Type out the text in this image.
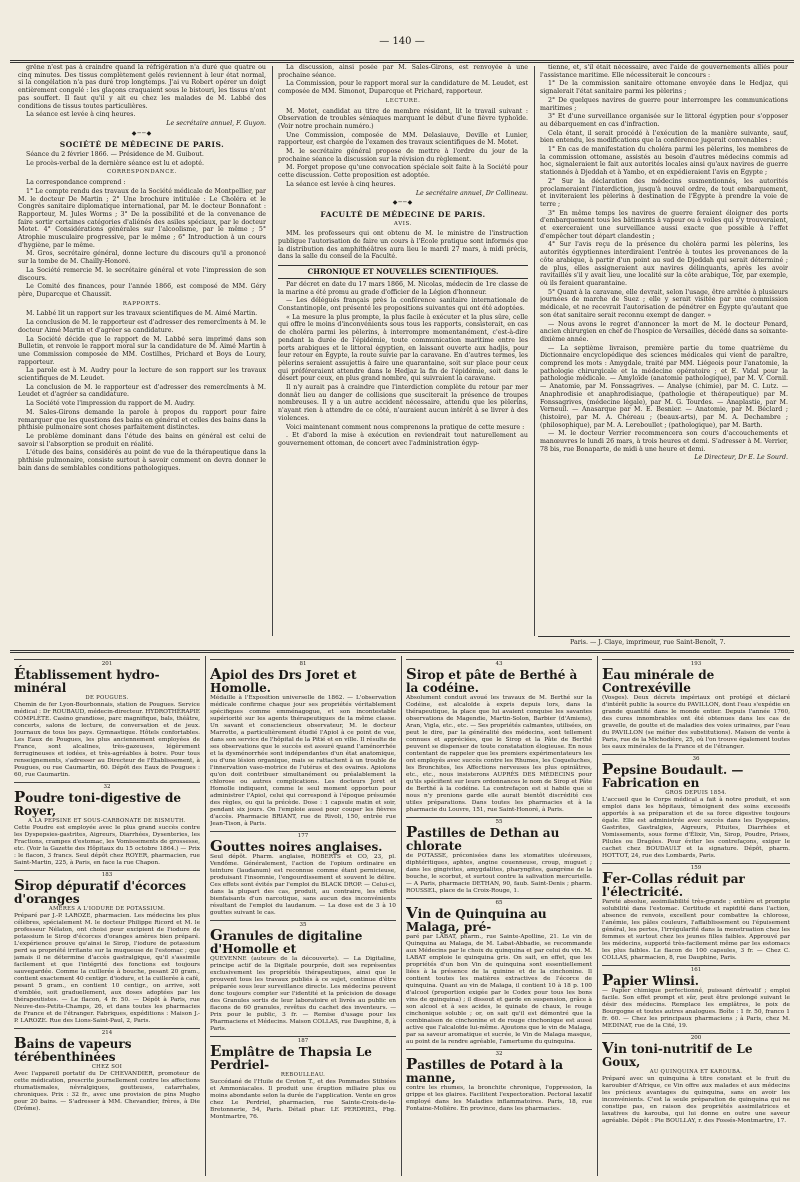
— 140 —

grêne n'est pas à craindre quand la réfrigération n'a duré que quatre ou cinq minutes. Des tissus complètement gelés reviennent à leur état normal, si la congélation n'a pas duré trop longtemps. J'ai vu Robert opérer un doigt entièrement congelé : les glaçons craquaient sous le bistouri, les tissus n'ont pas souffert. Il faut qu'il y ait eu chez les malades de M. Labbé des conditions de tissus toutes particulières.

La séance est levée à cinq heures.

Le secrétaire annuel, F. Guyon.
◆──◆
SOCIÉTÉ DE MÉDECINE DE PARIS.

Séance du 2 février 1866. — Présidence de M. Guibout.

Le procès-verbal de la dernière séance est lu et adopté.

CORRESPONDANCE.

La correspondance comprend :

1° Le compte rendu des travaux de la Société médicale de Montpellier, par M. le docteur De Martin ; 2° Une brochure intitulée : Le Choléra et le Congrès sanitaire diplomatique international, par M. le docteur Bonnafont : Rapporteur, M. Jules Worms ; 3° De la possibilité et de la convenance de faire sortir certaines catégories d'aliénés des asiles spéciaux, par le docteur Motet. 4° Considérations générales sur l'alcoolisme, par le même ; 5° Atrophie musculaire progressive, par le même ; 6° Introduction à un cours d'hygiène, par le même.

M. Gros, secrétaire général, donne lecture du discours qu'il a prononcé sur la tombe de M. Chailly-Honoré.

La Société remercie M. le secrétaire général et vote l'impression de son discours.

Le Comité des finances, pour l'année 1866, est composé de MM. Géry père, Duparcque et Chaussit.

RAPPORTS.

M. Labbé lit un rapport sur les travaux scientifiques de M. Aimé Martin.

La conclusion de M. le rapporteur est d'adresser des remercîments à M. le docteur Aimé Martin et d'agréer sa candidature.

La Société décide que le rapport de M. Labbé sera imprimé dans son Bulletin, et renvoie le rapport moral sur la candidature de M. Aimé Martin à une Commission composée de MM. Costilhes, Prichard et Boys de Loury, rapporteur.

La parole est à M. Audry pour la lecture de son rapport sur les travaux scientifiques de M. Leudet.

La conclusion de M. le rapporteur est d'adresser des remercîments à M. Leudet et d'agréer sa candidature.

La Société vote l'impression du rapport de M. Audry.

M. Sales-Girons demande la parole à propos du rapport pour faire remarquer que les questions des bains en général et celles des bains dans la phthisie pulmonaire sont choses parfaitement distinctes.

Le problème dominant dans l'étude des bains en général est celui de savoir si l'absorption se produit en réalité.

L'étude des bains, considérés au point de vue de la thérapeutique dans la phthisie pulmonaire, consiste surtout à savoir comment on devra donner le bain dans de semblables conditions pathologiques.

La discussion, ainsi posée par M. Sales-Girons, est renvoyée à une prochaine séance.

La Commission, pour le rapport moral sur la candidature de M. Leudet, est composée de MM. Simonot, Duparcque et Prichard, rapporteur.

LECTURE.

M. Motet, candidat au titre de membre résidant, lit le travail suivant : Observation de troubles séniaques marquant le début d'une fièvre typhoïde. (Voir notre prochain numéro.)

Une Commission, composée de MM. Delasiauve, Deville et Lunier, rapporteur, est chargée de l'examen des travaux scientifiques de M. Motet.

M. le secrétaire général propose de mettre à l'ordre du jour de la prochaine séance la discussion sur la révision du règlement.

M. Forget propose qu'une convocation spéciale soit faite à la Société pour cette discussion. Cette proposition est adoptée.

La séance est levée à cinq heures.

Le secrétaire annuel, Dr Collineau.
◆──◆
FACULTÉ DE MÉDECINE DE PARIS.
AVIS.

MM. les professeurs qui ont obtenu de M. le ministre de l'instruction publique l'autorisation de faire un cours à l'École pratique sont informés que la distribution des amphithéâtres aura lieu le mardi 27 mars, à midi précis, dans la salle du conseil de la Faculté.

CHRONIQUE ET NOUVELLES SCIENTIFIQUES.

Par décret en date du 17 mars 1866, M. Nicolas, médecin de 1re classe de la marine a été promu au grade d'officier de la Légion d'honneur.

— Les délégués français près la conférence sanitaire internationale de Constantinople, ont présenté les propositions suivantes qui ont été adoptées.

« La mesure la plus prompte, la plus facile à exécuter et la plus sûre, celle qui offre le moins d'inconvénients sous tous les rapports, consisterait, en cas de choléra parmi les pèlerins, à interrompre momentanément, c'est-à-dire pendant la durée de l'épidémie, toute communication maritime entre les ports arabiques et le littoral égyptien, en laissant ouverte aux hadjis, pour leur retour en Égypte, la route suivie par la caravane. En d'autres termes, les pèlerins seraient assujettis à faire une quarantaine, soit sur place pour ceux qui préféreraient attendre dans le Hedjaz la fin de l'épidémie, soit dans le désert pour ceux, en plus grand nombre, qui suivraient la caravane.

Il n'y aurait pas à craindre que l'interdiction complète du retour par mer donnât lieu au danger de collisions que susciterait la présence de troupes nombreuses. Il y a un autre accident nécessaire, attendu que les pèlerins, n'ayant rien à attendre de ce côté, n'auraient aucun intérêt à se livrer à des violences.

Voici maintenant comment nous comprenons la pratique de cette mesure :

. Et d'abord la mise à exécution en reviendrait tout naturellement au gouvernement ottoman, de concert avec l'administration égyp-

tienne, et, s'il était nécessaire, avec l'aide de gouvernements alliés pour l'assistance maritime. Elle nécessiterait le concours :

1° De la commission sanitaire ottomane envoyée dans le Hedjaz, qui signalerait l'état sanitaire parmi les pèlerins ;

2° De quelques navires de guerre pour interrompre les communications maritimes ;

3° Et d'une surveillance organisée sur le littoral égyptien pour s'opposer au débarquement en cas d'infraction.

Cela étant, il serait procédé à l'exécution de la manière suivante, sauf, bien entendu, les modifications que la conférence jugerait convenables :

1° En cas de manifestation du choléra parmi les pèlerins, les membres de la commission ottomane, assistés au besoin d'autres médecins commis ad hoc, signaleraient le fait aux autorités locales ainsi qu'aux navires de guerre stationnés à Djeddah et à Yambo, et en expédieraient l'avis en Égypte ;

2° Sur la déclaration des médecins susmentionnés, les autorités proclameraient l'interdiction, jusqu'à nouvel ordre, de tout embarquement, et inviteraient les pèlerins à destination de l'Égypte à prendre la voie de terre ;

3° En même temps les navires de guerre feraient éloigner des ports d'embarquement tous les bâtiments à vapeur ou à voiles qui s'y trouveraient, et exerceraient une surveillance aussi exacte que possible à l'effet d'empêcher tout départ clandestin ;

4° Sur l'avis reçu de la présence du choléra parmi les pèlerins, les autorités égyptiennes interdiraient l'entrée à toutes les provenances de la côte arabique, à partir d'un point au sud de Djeddah qui serait déterminé ; de plus, elles assigneraient aux navires délinquants, après les avoir ravitaillés s'il y avait lieu, une localité sur la côte arabique, Tor, par exemple, où ils feraient quarantaine.

5° Quant à la caravane, elle devrait, selon l'usage, être arrêtée à plusieurs journées de marche de Suez ; elle y serait visitée par une commission médicale, et ne recevrait l'autorisation de pénétrer en Égypte qu'autant que son état sanitaire serait reconnu exempt de danger. »

— Nous avons le regret d'annoncer la mort de M. le docteur Penard, ancien chirurgien en chef de l'hospice de Versailles, décédé dans sa soixante-dixième année.

— La septième livraison, première partie du tome quatrième du Dictionnaire encyclopédique des sciences médicales qui vient de paraître, comprend les mots : Amygdale, traité par MM. Liégeois pour l'anatomie, la pathologie chirurgicale et la médecine opératoire ; et E. Vidal pour la pathologie médicale. — Amyloïde (anatomie pathologique), par M. V. Cornil. — Anatomie, par M. Fonssagrives. — Analyse (chimie), par M. C. Lutz. — Anaphrodisie et anaphrodisiaque, (pathologie et thérapeutique) par M. Fonssagrives, (médecine légale), par M. G. Tourdes. — Anaplastie, par M. Verneuil. — Anasarque par M. E. Besnier. — Anatomie, par M. Béclard ; (histoire), par M. A. Chéreau ; (beaux-arts), par M. A. Dechambre ; (philosophique), par M. A. Lereboullet ; (pathologique), par M. Barth.

— M. le docteur Verrier recommencera son cours d'accouchements et manœuvres le lundi 26 mars, à trois heures et demi. S'adresser à M. Verrier, 78 bis, rue Bonaparte, de midi à une heure et demi.

Le Directeur, Dr E. Le Sourd.
Paris. — J. Claye, imprimeur, rue Saint-Benoît, 7.
201
Établissement hydro-minéral
DE POUGUES.

Chemin de fer Lyon-Bourbonnais, station de Pougues. Service médical : Dr ROUBAUD, médecin-directeur. HYDROTHÉRAPIE COMPLÈTE. Casino grandiose, parc magnifique, bals, théâtre, concerts, salons de lecture, de conversation et de jeux. Journaux de tous les pays. Gymnastique. Hôtels confortables. Les Eaux de Pougues, les plus anciennement employées de France, sont alcalines, très-gazeuses, légèrement ferrugineuses et iodées, et très-agréables à boire. Pour tous renseignements, s'adresser au Directeur de l'Établissement, à Pougues, ou rue Caumartin, 60. Dépôt des Eaux de Pougues : 60, rue Caumartin.

32
Poudre toni-digestive de Royer,
A LA PEPSINE ET SOUS-CARBONATE DE BISMUTH.

Cette Poudre est employée avec le plus grand succès contre les Dyspepsies-gastrites, Aigreurs, Diarrhées, Dysenteries, les Fractions, crampes d'estomac, les Vomissements de grossesse, etc. (Voir la Gazette des Hôpitaux du 15 octobre 1864.) — Prix : le flacon, 3 francs. Seul dépôt chez ROYER, pharmacien, rue Saint-Martin, 225, à Paris, en face la rue Chapon.

183
Sirop dépuratif d'écorces d'oranges
AMÈRES A L'IODURE DE POTASSIUM.

Préparé par J.-P. LAROZE, pharmacien. Les médecins les plus célèbres, spécialement M. le docteur Philippe Ricord et M. le professeur Nélaton, ont choisi pour excipient de l'iodure de potassium le Sirop d'écorces d'oranges amères bien préparé. L'expérience prouve qu'ainsi le Sirop, l'iodure de potassium perd sa propriété irritante sur la muqueuse de l'estomac ; que jamais il ne détermine d'accès gastralgique, qu'il s'assimile facilement et que l'intégrité des fonctions est toujours sauvegardée. Comme la cuillerée à bouche, pesant 20 gram., contient exactement 40 centigr. d'iodure, et la cuillerée à café, pesant 5 gram., en contient 10 centigr., on arrive, soit d'emblée, soit graduellement, aux doses adoptées par les thérapeutistes. — Le flacon, 4 fr. 50. — Dépôt à Paris, rue Neuve-des-Petits-Champs, 26, et dans toutes les pharmacies de France et de l'étranger. Fabriques, expéditions : Maison J.-P. LAROZE. Rue des Lions-Saint-Paul, 2, Paris.

214
Bains de vapeurs térébenthinées
CHEZ SOI

Avec l'appareil portatif du Dr CHEVANDIER, promoteur de cette médication, prescrite journellement contre les affections rhumatismales, névralgiques, goutteuses, catarrhales, chroniques. Prix : 32 fr., avec une provision de pins Mugho pour 20 bains. — S'adresser à MM. Chevandier, frères, à Die (Drôme).

81
Apiol des Drs Joret et Homolle.

Médaille à l'Exposition universelle de 1862. — L'observation médicale confirme chaque jour ses propriétés véritablement spécifiques comme emménagogue, et son incontestable supériorité sur les agents thérapeutiques de la même classe. Un savant et consciencieux observateur, M. le docteur Marrotte, a particulièrement étudié l'Apiol à ce point de vue, dans son service de l'hôpital de la Pitié et en ville. Il résulte de ses observations que le succès est assuré quand l'aménorrhée et la dysménorrhée sont indépendantes d'un état anatomique, ou d'une lésion organique, mais se rattachent à un trouble de l'innervation vaso-motrice de l'utérus et des ovaires. Apiolons qu'on doit contribuer simultanément ou préalablement la chlorose ou autres complications. Les docteurs Joret et Homolle indiquent, comme le seul moment opportun pour administrer l'Apiol, celui qui correspond à l'époque présumée des règles, ou qui la précède. Dose : 1 capsule matin et soir, pendant six jours. On l'emploie aussi pour couper les fièvres d'accès. Pharmacie BRIANT, rue de Rivoli, 150, entrée rue Jean-Tison, à Paris.

177
Gouttes noires anglaises.

Seul dépôt. Pharm. anglaise, ROBERTS et CO, 23, pl. Vendôme. Généralement, l'action de l'opium ordinaire en teinture (laudanum) est reconnue comme étant pernicieuse, produisant l'insomnie, l'engourdissement et souvent le délire. Ces effets sont évités par l'emploi du BLACK DROP. — Celui-ci, dans la plupart des cas, produit, au contraire, les effets bienfaisants d'un narcotique, sans aucun des inconvénients résultant de l'emploi du laudanum. — La dose est de 3 à 10 gouttes suivant le cas.

35
Granules de digitaline d'Homolle et

QUEVENNE (auteurs de la découverte). — La Digitaline, principe actif de la Digitale pourprée, doit ses représentes exclusivement les propriétés thérapeutiques, ainsi que le prouvent tous les travaux publiés à ce sujet, continue d'être préparée sous leur surveillance directe. Les médecins peuvent donc toujours compter sur l'identité et la précision de dosage des Granules sortis de leur laboratoire et livrés au public en flacons de 60 granules, revêtus du cachet des inventeurs. — Prix pour le public, 3 fr. — Remise d'usage pour les Pharmaciens et Médecins. Maison COLLAS, rue Dauphine, 8, à Paris.

187
Emplâtre de Thapsia Le Perdriel-
REBOULLEAU.

Succédané de l'Huile de Croton T., et des Pommades Stibiées et Ammoniacales. Il produit une éruption miliaire plus ou moins abondante selon la durée de l'application. Vente en gros chez Le Perdriel, pharmacien, rue Sainte-Croix-de-la-Bretonnerie, 54, Paris. Détail phar. LE PERDRIEL, Fbg. Montmartre, 76.

43
Sirop et pâte de Berthé à la codéine.

Absolument conduit avoué les travaux de M. Berthé sur la Codéine, est alcaloïde à expris depuis lors, dans la thérapeutique, la place que lui avaient conquise les savantes observations de Magendie, Martin-Solon, Barbier (d'Amiens), Aran, Vigla, etc., etc. — Ses propriétés calmantes, utilisées, on peut le dire, par la généralité des médecins, sont tellement connues et appréciées, que le Sirop et la Pâte de Berthé peuvent se dispenser de toute constatation élogieuse. En nous contentant de rappeler que les premiers expérimentateurs les ont employés avec succès contre les Rhumes, les Coqueluches, les Bronchites, les Affections nerveuses les plus opiniâtres, etc., etc., nous insisterons AUPRÈS DES MÉDECINS pour qu'ils spécifient sur leurs ordonnances le nom de Sirop et Pâte de Berthé à la codéine. La contrefaçon est si habile que si nous n'y prenions garde elle aurait bientôt discrédité ces utiles préparations. Dans toutes les pharmacies et à la pharmacie du Louvre, 151, rue Saint-Honoré, à Paris.

55
Pastilles de Dethan au chlorate

de POTASSE, préconisées dans les stomatites ulcéreuses, diphtéritiques, aphtes, angine couenneuse, croup, muguet ; dans les gingivites, amygdalites, pharyngites, gangrène de la bouche, le scorbut, et surtout contre la salivation mercurielle. — A Paris, pharmacie DETHAN, 90, faub. Saint-Denis ; pharm. ROUSSEL, place de la Croix-Rouge, 1.

65
Vin de Quinquina au Malaga, pré-

paré par LABAT, pharm., rue Sainte-Apolline, 21. Le vin de Quinquina au Malaga, de M. Labat-Abbadie, se recommande aux Médecins par le choix du quinquina et par celui du vin. M. LABAT emploie le quinquina gris. On sait, en effet, que les propriétés d'un bon Vin de quinquina sont essentiellement liées à la présence de la quinine et de la cinchonine. Il contient toutes les matières extractives de l'écorce de quinquina. Quant au vin de Malaga, il contient 10 à 18 p. 100 d'alcool (proportion exigée par le Codex pour tous les bons vins de quinquina) ; il dissout et garde en suspension, grâce à son alcool et à ses acides, le quinate de chaux, le rouge cinchonique soluble ; or, on sait qu'il est démontré que la combinaison de cinchonine et de rouge cinchonique est aussi active que l'alcaloïde lui-même. Ajoutons que le vin de Malaga, par sa saveur aromatique et sucrée, le Vin de Malaga masque, au point de la rendre agréable, l'amertume du quinquina.

32
Pastilles de Potard à la manne,

contre les rhumes, la bronchite chronique, l'oppression, la grippe et les glaires. Facilitent l'expectoration. Pectoral laxatif employé dans les Maladies inflammatoires. Paris, 18, rue Fontaine-Molière. En province, dans les pharmacies.

193
Eau minérale de Contrexéville

(Vosges). Deux décrets impériaux ont protégé et déclaré d'intérêt public la source du PAVILLON, dont l'eau s'expédie en grande quantité dans le monde entier. Depuis l'année 1760, des cures innombrables ont été obtenues dans les cas de gravelle, de goutte et de maladies des voies urinaires, par l'eau du PAVILLON (se méfier des substitutions). Maison de vente à Paris, rue de la Michodière, 25, où l'on trouve également toutes les eaux minérales de la France et de l'étranger.

36
Pepsine Boudault. — Fabrication en
GROS DEPUIS 1854.

L'accueil que le Corps médical a fait à notre produit, et son emploi dans les hôpitaux, témoignent des soins excessifs apportés à sa préparation et de sa force digestive toujours égale. Elle est administrée avec succès dans les Dyspepsies, Gastrites, Gastralgies, Aigreurs, Pituites, Diarrhées et Vomissements, sous forme d'Élixir, Vin, Sirop, Poudre, Prises, Pilules ou Dragées. Pour éviter les contrefaçons, exiger le cachet chez BOUDAULT et la signature. Dépôt, pharm. HOTTOT, 24, rue des Lombards, Paris.

159
Fer-Collas réduit par l'électricité.

Pareté absolue, assimilabilité très-grande ; entière et prompte solubilité dans l'estomac. Certitude et rapidité dans l'action, absence de renvois, excellent pour combattre la chlorose, l'anémie, les pâles couleurs, l'affaiblissement ou l'épuisement général, les pertes, l'irrégularité dans la menstruation chez les femmes et surtout chez les jeunes filles faibles. Approuvé par les médecins, supporté très-facilement même par les estomacs les plus faibles. Le flacon de 100 capsules, 3 fr. — Chez C. COLLAS, pharmacien, 8, rue Dauphine, Paris.

161
Papier Wlinsi.

— Papier chimique perfectionné, puissant dérivatif ; emploi facile. Son effet prompt et sûr, peut être prolongé suivant le désir des médecins. Remplace les emplâtres, le poix de Bourgogne et toutes autres analogues. Boîte : 1 fr. 50, franco 1 fr. 60. — Chez les principaux pharmaciens ; à Paris, chez M. MEDINAT, rue de la Cité, 19.

200
Vin toni-nutritif de Le Goux,
AU QUINQUINA ET KAROUBA.

Préparé avec un quinquina à titre constant et le fruit du karoubier d'Afrique, ce Vin offre aux malades et aux médecins les précieux avantages du quinquina, sans en avoir les inconvénients. C'est la seule préparation de quinquina qui ne constipe pas, en raison des propriétés assimilatrices et laxatives du karouba, qui lui donne en outre une saveur agréable. Dépôt : Pie BOULLAY, r. des Fossés-Montmartre, 17.
